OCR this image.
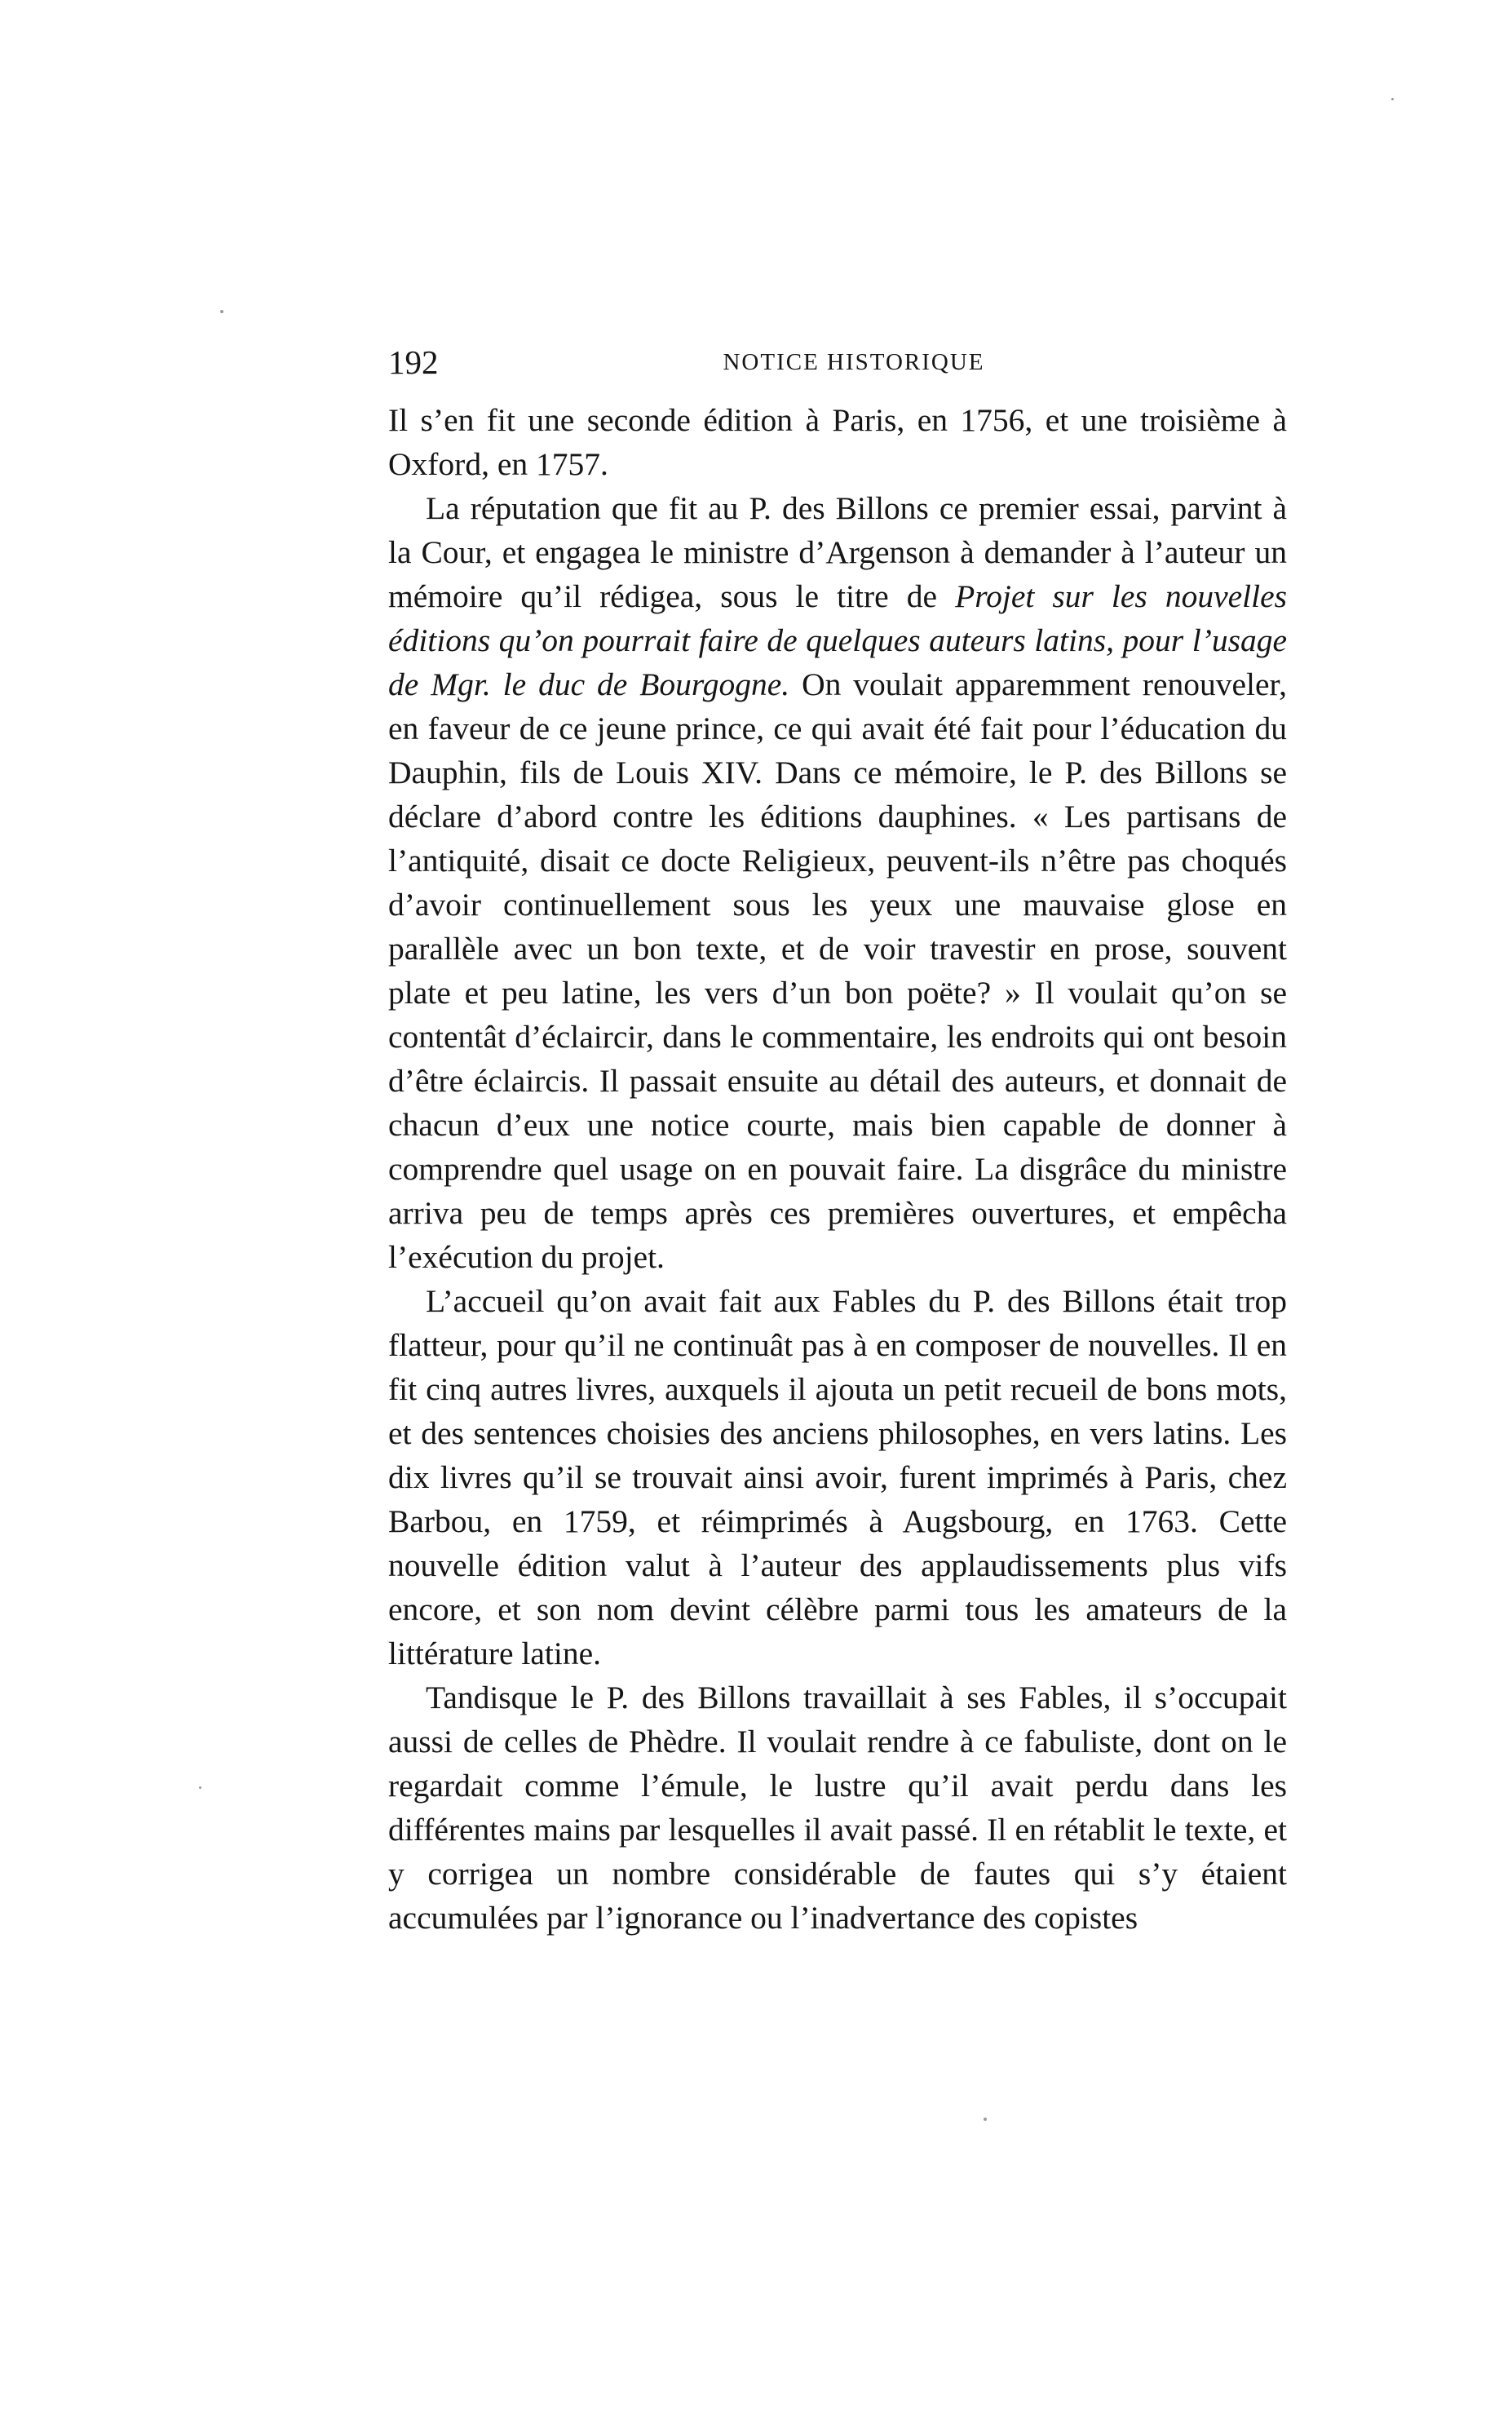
192	NOTICE HISTORIQUE

Il s’en fit une seconde édition à Paris, en 1756, et une troisième à Oxford, en 1757.

La réputation que fit au P. des Billons ce premier essai, parvint à la Cour, et engagea le ministre d’Argenson à demander à l’auteur un mémoire qu’il rédigea, sous le titre de Projet sur les nouvelles éditions qu’on pourrait faire de quelques auteurs latins, pour l’usage de Mgr. le duc de Bourgogne. On voulait apparemment renouveler, en faveur de ce jeune prince, ce qui avait été fait pour l’éducation du Dauphin, fils de Louis XIV. Dans ce mémoire, le P. des Billons se déclare d’abord contre les éditions dauphines. « Les partisans de l’antiquité, disait ce docte Religieux, peuvent-ils n’être pas choqués d’avoir continuellement sous les yeux une mauvaise glose en parallèle avec un bon texte, et de voir travestir en prose, souvent plate et peu latine, les vers d’un bon poëte? » Il voulait qu’on se contentât d’éclaircir, dans le commentaire, les endroits qui ont besoin d’être éclaircis. Il passait ensuite au détail des auteurs, et donnait de chacun d’eux une notice courte, mais bien capable de donner à comprendre quel usage on en pouvait faire. La disgrâce du ministre arriva peu de temps après ces premières ouvertures, et empêcha l’exécution du projet.

L’accueil qu’on avait fait aux Fables du P. des Billons était trop flatteur, pour qu’il ne continuât pas à en composer de nouvelles. Il en fit cinq autres livres, auxquels il ajouta un petit recueil de bons mots, et des sentences choisies des anciens philosophes, en vers latins. Les dix livres qu’il se trouvait ainsi avoir, furent imprimés à Paris, chez Barbou, en 1759, et réimprimés à Augsbourg, en 1763. Cette nouvelle édition valut à l’auteur des applaudissements plus vifs encore, et son nom devint célèbre parmi tous les amateurs de la littérature latine.

Tandisque le P. des Billons travaillait à ses Fables, il s’occupait aussi de celles de Phèdre. Il voulait rendre à ce fabuliste, dont on le regardait comme l’émule, le lustre qu’il avait perdu dans les différentes mains par lesquelles il avait passé. Il en rétablit le texte, et y corrigea un nombre considérable de fautes qui s’y étaient accumulées par l’ignorance ou l’inadvertance des copistes
